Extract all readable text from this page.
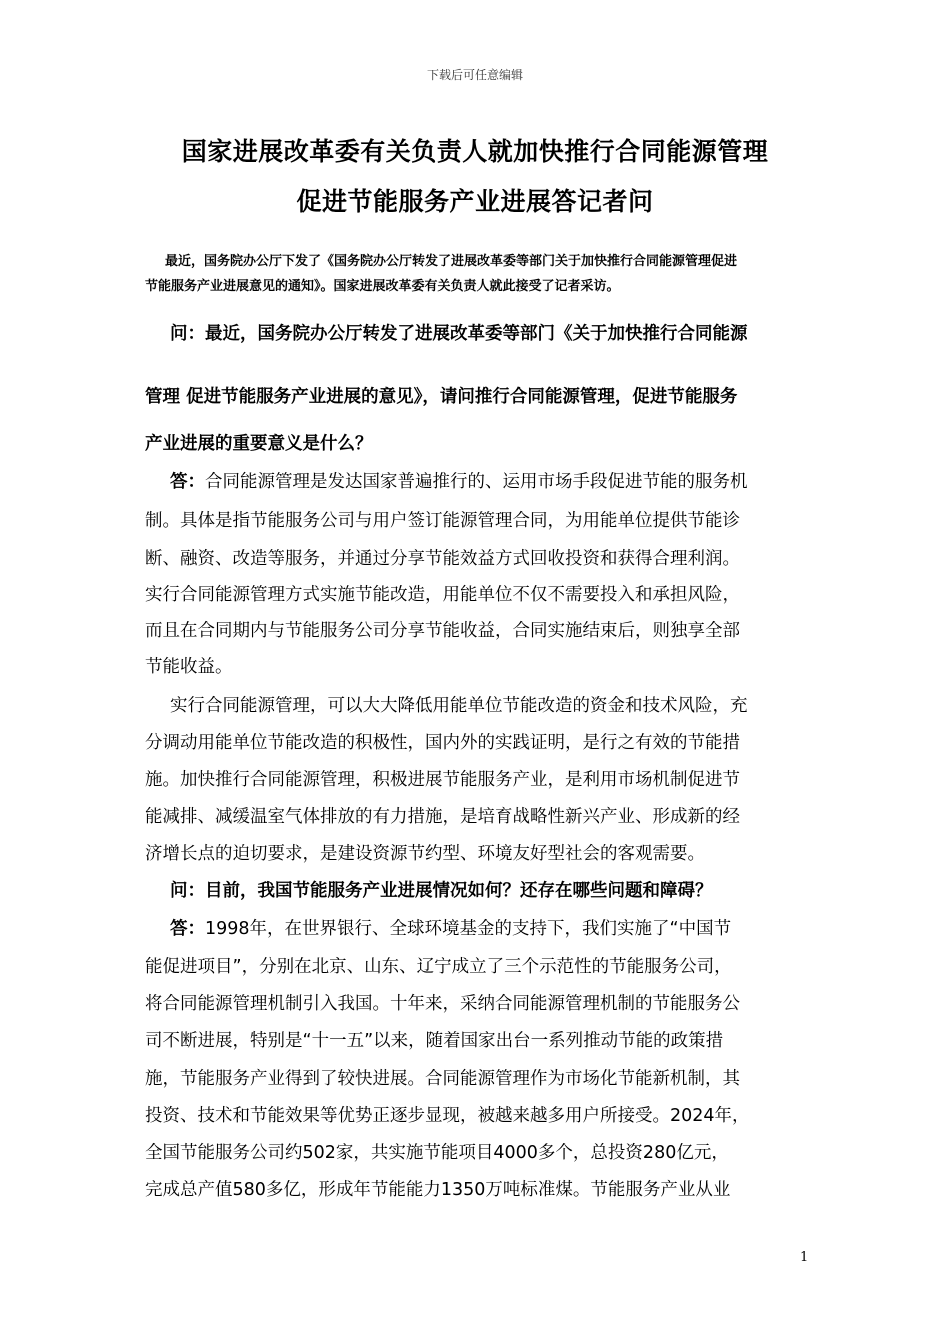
下载后可任意编辑
国家进展改革委有关负责人就加快推行合同能源管理
促进节能服务产业进展答记者问
最近，国务院办公厅下发了《国务院办公厅转发了进展改革委等部门关于加快推行合同能源管理促进
节能服务产业进展意见的通知》。国家进展改革委有关负责人就此接受了记者采访。
问：最近，国务院办公厅转发了进展改革委等部门《关于加快推行合同能源
管理 促进节能服务产业进展的意见》，请问推行合同能源管理，促进节能服务
产业进展的重要意义是什么？
答：合同能源管理是发达国家普遍推行的、运用市场手段促进节能的服务机
制。具体是指节能服务公司与用户签订能源管理合同，为用能单位提供节能诊
断、融资、改造等服务，并通过分享节能效益方式回收投资和获得合理利润。
实行合同能源管理方式实施节能改造，用能单位不仅不需要投入和承担风险，
而且在合同期内与节能服务公司分享节能收益，合同实施结束后，则独享全部
节能收益。
实行合同能源管理，可以大大降低用能单位节能改造的资金和技术风险，充
分调动用能单位节能改造的积极性，国内外的实践证明，是行之有效的节能措
施。加快推行合同能源管理，积极进展节能服务产业，是利用市场机制促进节
能减排、减缓温室气体排放的有力措施，是培育战略性新兴产业、形成新的经
济增长点的迫切要求，是建设资源节约型、环境友好型社会的客观需要。
问：目前，我国节能服务产业进展情况如何？还存在哪些问题和障碍？
答：1998年，在世界银行、全球环境基金的支持下，我们实施了“中国节
能促进项目”，分别在北京、山东、辽宁成立了三个示范性的节能服务公司，
将合同能源管理机制引入我国。十年来，采纳合同能源管理机制的节能服务公
司不断进展，特别是“十一五”以来，随着国家出台一系列推动节能的政策措
施，节能服务产业得到了较快进展。合同能源管理作为市场化节能新机制，其
投资、技术和节能效果等优势正逐步显现，被越来越多用户所接受。2024年，
全国节能服务公司约502家，共实施节能项目4000多个，总投资280亿元，
完成总产值580多亿，形成年节能能力1350万吨标准煤。节能服务产业从业
1
